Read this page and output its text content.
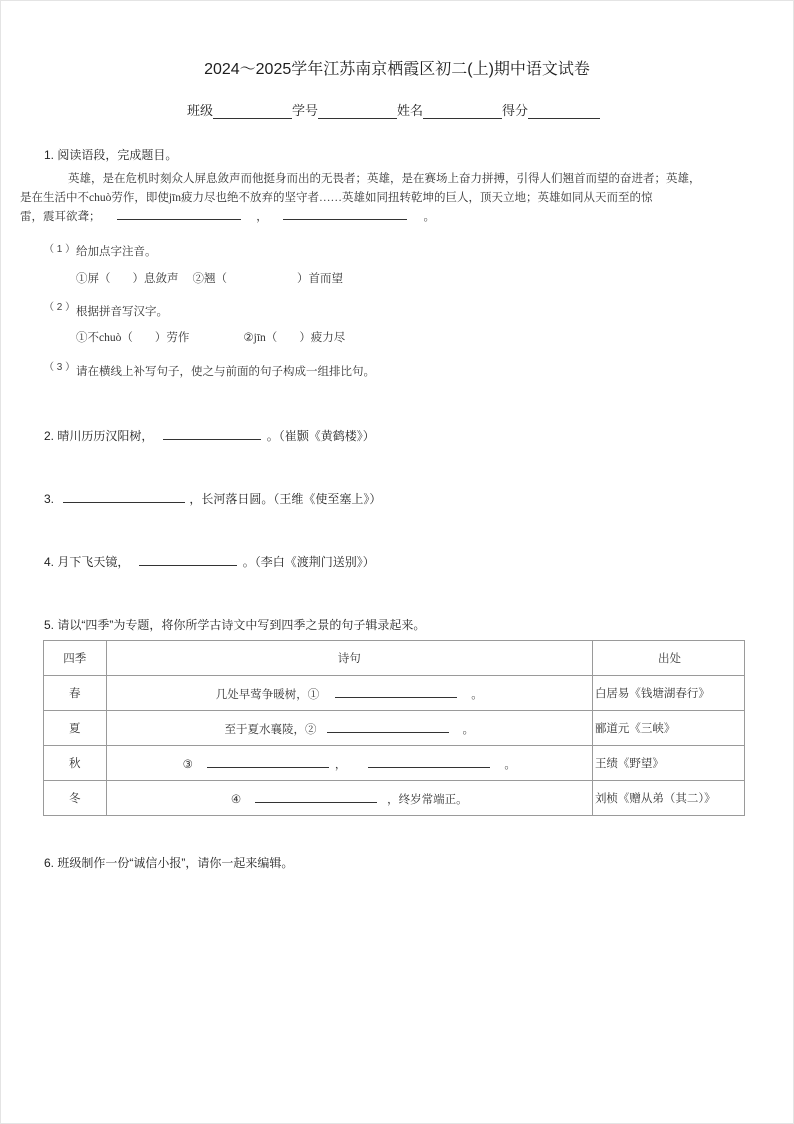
2024～2025学年江苏南京栖霞区初二(上)期中语文试卷
班级	学号	姓名	得分
1. 阅读语段，完成题目。
英雄，是在危机时刻众人屏息敛声而他挺身而出的无畏者；英雄，是在赛场上奋力拼搏，引得人们翘首而望的奋进者；英雄，
是在生活中不chuò劳作，即使jīn疲力尽也绝不放弃的坚守者……英雄如同扭转乾坤的巨人，顶天立地；英雄如同从天而至的惊
雷，震耳欲聋；	，	。
（ 1 ） 给加点字注音。
①屏（ ）息敛声 ②翘（	）首而望
（ 2 ） 根据拼音写汉字。
①不chuò（ ）劳作	②jīn（ ）疲力尽
（ 3 ） 请在横线上补写句子，使之与前面的句子构成一组排比句。
2. 晴川历历汉阳树，	。（崔颢《黄鹤楼》）
3.	，长河落日圆。（王维《使至塞上》）
4. 月下飞天镜，	。（李白《渡荆门送别》）
5. 请以“四季”为专题，将你所学古诗文中写到四季之景的句子辑录起来。
四季	诗句	出处
春	几处早莺争暖树，① 。	白居易《钱塘湖春行》
夏	至于夏水襄陵，② 。	郦道元《三峡》
秋	③ ， 。	王绩《野望》
冬	④ ，终岁常端正。	刘桢《赠从弟（其二）》
6. 班级制作一份“诚信小报”，请你一起来编辑。
